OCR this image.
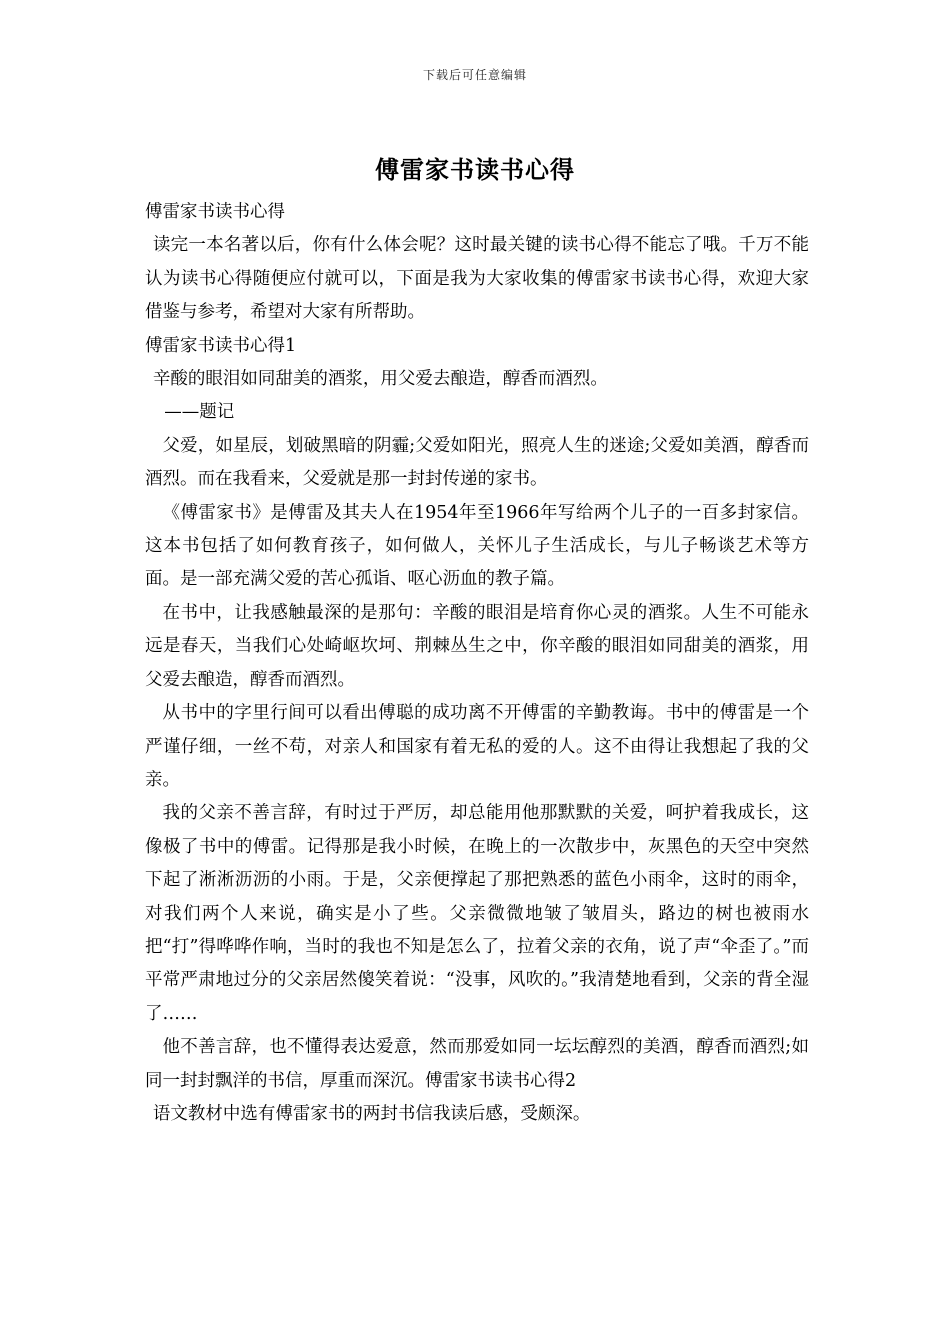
下载后可任意编辑
傅雷家书读书心得

傅雷家书读书心得

读完一本名著以后，你有什么体会呢？这时最关键的读书心得不能忘了哦。千万不能认为读书心得随便应付就可以，下面是我为大家收集的傅雷家书读书心得，欢迎大家借鉴与参考，希望对大家有所帮助。

傅雷家书读书心得1

辛酸的眼泪如同甜美的酒浆，用父爱去酿造，醇香而酒烈。

——题记

父爱，如星辰，划破黑暗的阴霾;父爱如阳光，照亮人生的迷途;父爱如美酒，醇香而酒烈。而在我看来，父爱就是那一封封传递的家书。

《傅雷家书》是傅雷及其夫人在1954年至1966年写给两个儿子的一百多封家信。这本书包括了如何教育孩子，如何做人，关怀儿子生活成长，与儿子畅谈艺术等方面。是一部充满父爱的苦心孤诣、呕心沥血的教子篇。

在书中，让我感触最深的是那句：辛酸的眼泪是培育你心灵的酒浆。人生不可能永远是春天，当我们心处崎岖坎坷、荆棘丛生之中，你辛酸的眼泪如同甜美的酒浆，用父爱去酿造，醇香而酒烈。

从书中的字里行间可以看出傅聪的成功离不开傅雷的辛勤教诲。书中的傅雷是一个严谨仔细，一丝不苟，对亲人和国家有着无私的爱的人。这不由得让我想起了我的父亲。

我的父亲不善言辞，有时过于严厉，却总能用他那默默的关爱，呵护着我成长，这像极了书中的傅雷。记得那是我小时候，在晚上的一次散步中，灰黑色的天空中突然下起了淅淅沥沥的小雨。于是，父亲便撑起了那把熟悉的蓝色小雨伞，这时的雨伞，对我们两个人来说，确实是小了些。父亲微微地皱了皱眉头，路边的树也被雨水把“打”得哗哗作响，当时的我也不知是怎么了，拉着父亲的衣角，说了声“伞歪了。”而平常严肃地过分的父亲居然傻笑着说：“没事，风吹的。”我清楚地看到，父亲的背全湿了……

他不善言辞，也不懂得表达爱意，然而那爱如同一坛坛醇烈的美酒，醇香而酒烈;如同一封封飘洋的书信，厚重而深沉。傅雷家书读书心得2

语文教材中选有傅雷家书的两封书信我读后感，受颇深。
